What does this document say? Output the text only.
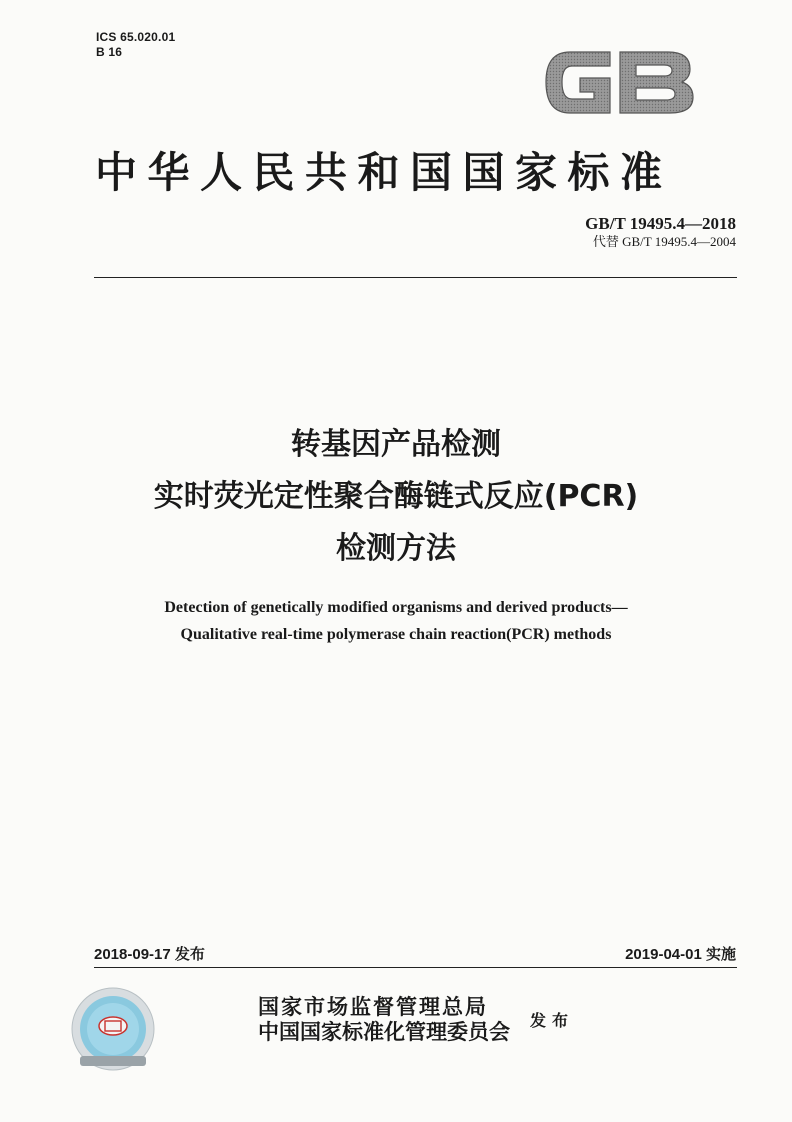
ICS 65.020.01
B 16
中华人民共和国国家标准
GB/T 19495.4—2018
代替 GB/T 19495.4—2004
转基因产品检测
实时荧光定性聚合酶链式反应(PCR)
检测方法
Detection of genetically modified organisms and derived products—
Qualitative real-time polymerase chain reaction(PCR) methods
2018-09-17 发布	2019-04-01 实施
国家市场监督管理总局
中国国家标准化管理委员会 发布
